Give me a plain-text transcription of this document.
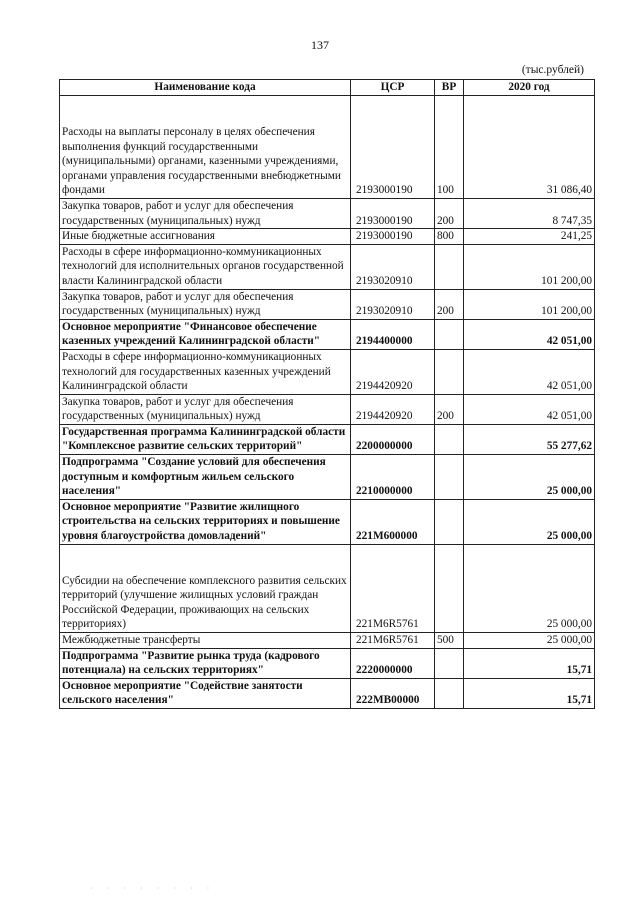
137
(тыс.рублей)
Наименование кода	ЦСР	ВР	2020 год
Расходы на выплаты персоналу в целях обеспечения выполнения функций государственными (муниципальными) органами, казенными учреждениями, органами управления государственными внебюджетными фондами	2193000190	100	31 086,40
Закупка товаров, работ и услуг для обеспечения государственных (муниципальных) нужд	2193000190	200	8 747,35
Иные бюджетные ассигнования	2193000190	800	241,25
Расходы в сфере информационно-коммуникационных технологий для исполнительных органов государственной власти Калининградской области	2193020910		101 200,00
Закупка товаров, работ и услуг для обеспечения государственных (муниципальных) нужд	2193020910	200	101 200,00
Основное мероприятие "Финансовое обеспечение казенных учреждений Калининградской области"	2194400000		42 051,00
Расходы в сфере информационно-коммуникационных технологий для государственных казенных учреждений Калининградской области	2194420920		42 051,00
Закупка товаров, работ и услуг для обеспечения государственных (муниципальных) нужд	2194420920	200	42 051,00
Государственная программа Калининградской области "Комплексное развитие сельских территорий"	2200000000		55 277,62
Подпрограмма "Создание условий для обеспечения доступным и комфортным жильем сельского населения"	2210000000		25 000,00
Основное мероприятие "Развитие жилищного строительства на сельских территориях и повышение уровня благоустройства домовладений"	221M600000		25 000,00
Субсидии на обеспечение комплексного развития сельских территорий (улучшение жилищных условий граждан Российской Федерации, проживающих на сельских территориях)	221M6R5761		25 000,00
Межбюджетные трансферты	221M6R5761	500	25 000,00
Подпрограмма "Развитие рынка труда (кадрового потенциала) на сельских территориях"	2220000000		15,71
Основное мероприятие "Содействие занятости сельского населения"	222MB00000		15,71
· · · · · · · ·
